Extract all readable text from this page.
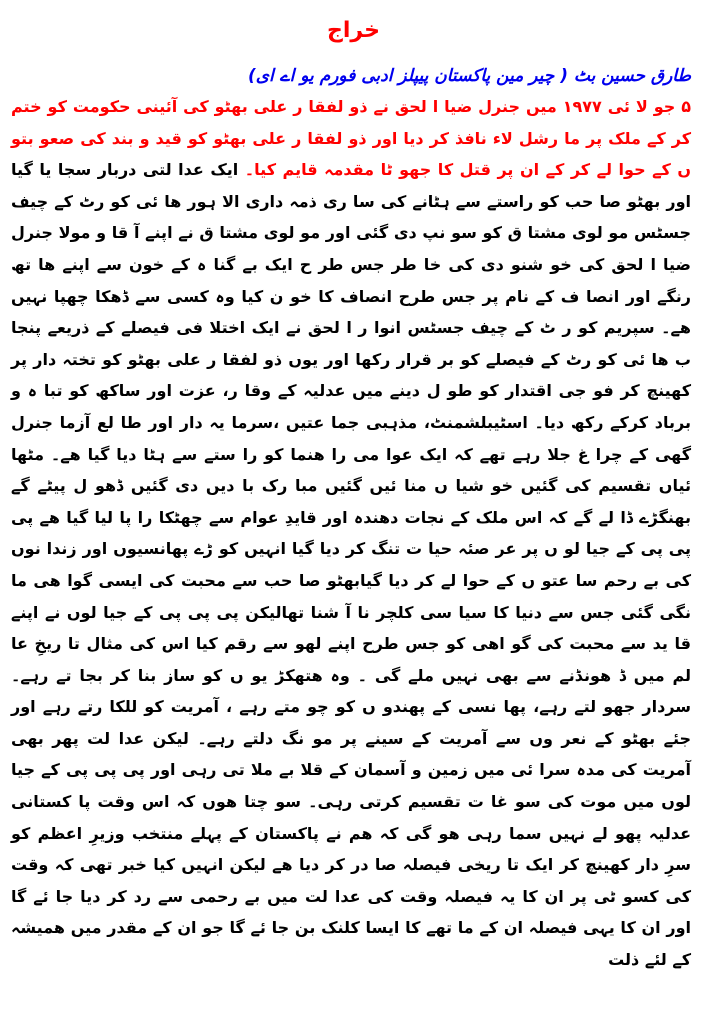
خراج
طارق حسین بٹ ( چیر مین پاکستان پیپلز ادبی فورم یو اے ای)
۵ جو لا ئی ۱۹۷۷ میں جنرل ضیا ا لحق نے ذو لفقا ر علی بھٹو کی آئینی حکومت کو ختم کر کے ملک پر ما رشل لاء نافذ کر دیا اور ذو لفقا ر علی بھٹو کو قید و بند کی صعو بتو ں کے حوا لے کر کے ان پر قتل کا جھو ٹا مقدمہ قایم کیا۔ ایک عدا لتی دربار سجا یا گیا اور بھٹو صا حب کو راستے سے ہٹانے کی سا ری ذمہ داری الا ہور ھا ئی کو رٹ کے چیف جسٹس مو لوی مشتا ق کو سو نپ دی گئی اور مو لوی مشتا ق نے اپنے آ قا و مولا جنرل ضیا ا لحق کی خو شنو دی کی خا طر جس طر ح ایک بے گنا ہ کے خون سے اپنے ھا تھ رنگے اور انصا ف کے نام پر جس طرح انصاف کا خو ن کیا وہ کسی سے ڈھکا چھپا نہیں ھے۔ سپریم کو ر ٹ کے چیف جسٹس انوا ر ا لحق نے ایک اختلا فی فیصلے کے ذریعے پنجا ب ھا ئی کو رٹ کے فیصلے کو بر قرار رکھا اور یوں ذو لفقا ر علی بھٹو کو تختہ دار پر کھینچ کر فو جی اقتدار کو طو ل دینے میں عدلیہ کے وقا ر، عزت اور ساکھ کو تبا ہ و برباد کرکے رکھ دیا۔ اسٹیبلشمنٹ، مذہبی جما عتیں ،سرما یہ دار اور طا لع آزما جنرل گھی کے چرا غ جلا رہے تھے کہ ایک عوا می را ھنما کو را ستے سے ہٹا دیا گیا ھے۔ مٹھا ئیاں تقسیم کی گئیں خو شیا ں منا ئیں گئیں مبا رک با دیں دی گئیں ڈھو ل پیٹے گے بھنگڑے ڈا لے گے کہ اس ملک کے نجات دھندہ اور قایدِ عوام سے چھٹکا را پا لیا گیا ھے پی پی پی کے جیا لو ں پر عر صئہ حیا ت تنگ کر دیا گیا انہیں کو ڑے پھانسیوں اور زندا نوں کی بے رحم سا عتو ں کے حوا لے کر دیا گیابھٹو صا حب سے محبت کی ایسی گوا ھی ما نگی گئی جس سے دنیا کا سیا سی کلچر نا آ شنا تھالیکن پی پی پی کے جیا لوں نے اپنے قا ید سے محبت کی گو اھی کو جس طرح اپنے لھو سے رقم کیا اس کی مثال تا ریخِ عا لم میں ڈ ھونڈنے سے بھی نہیں ملے گی ۔ وہ ھتھکڑ یو ں کو ساز بنا کر بجا تے رہے۔ سردار جھو لتے رہے، پھا نسی کے پھندو ں کو چو متے رہے ، آمریت کو للکا رتے رہے اور جئے بھٹو کے نعر وں سے آمریت کے سینے پر مو نگ دلتے رہے۔ لیکن عدا لت پھر بھی آمریت کی مدہ سرا ئی میں زمین و آسمان کے قلا بے ملا تی رہی اور پی پی پی کے جیا لوں میں موت کی سو غا ت تقسیم کرتی رہی۔ سو چتا ھوں کہ اس وقت پا کستانی عدلیہ پھو لے نہیں سما رہی ھو گی کہ ھم نے پاکستان کے پہلے منتخب وزیرِ اعظم کو سرِ دار کھینچ کر ایک تا ریخی فیصلہ صا در کر دیا ھے لیکن انہیں کیا خبر تھی کہ وقت کی کسو ٹی پر ان کا یہ فیصلہ وقت کی عدا لت میں بے رحمی سے رد کر دیا جا ئے گا اور ان کا یہی فیصلہ ان کے ما تھے کا ایسا کلنک بن جا ئے گا جو ان کے مقدر میں ھمیشہ کے لئے ذلت
